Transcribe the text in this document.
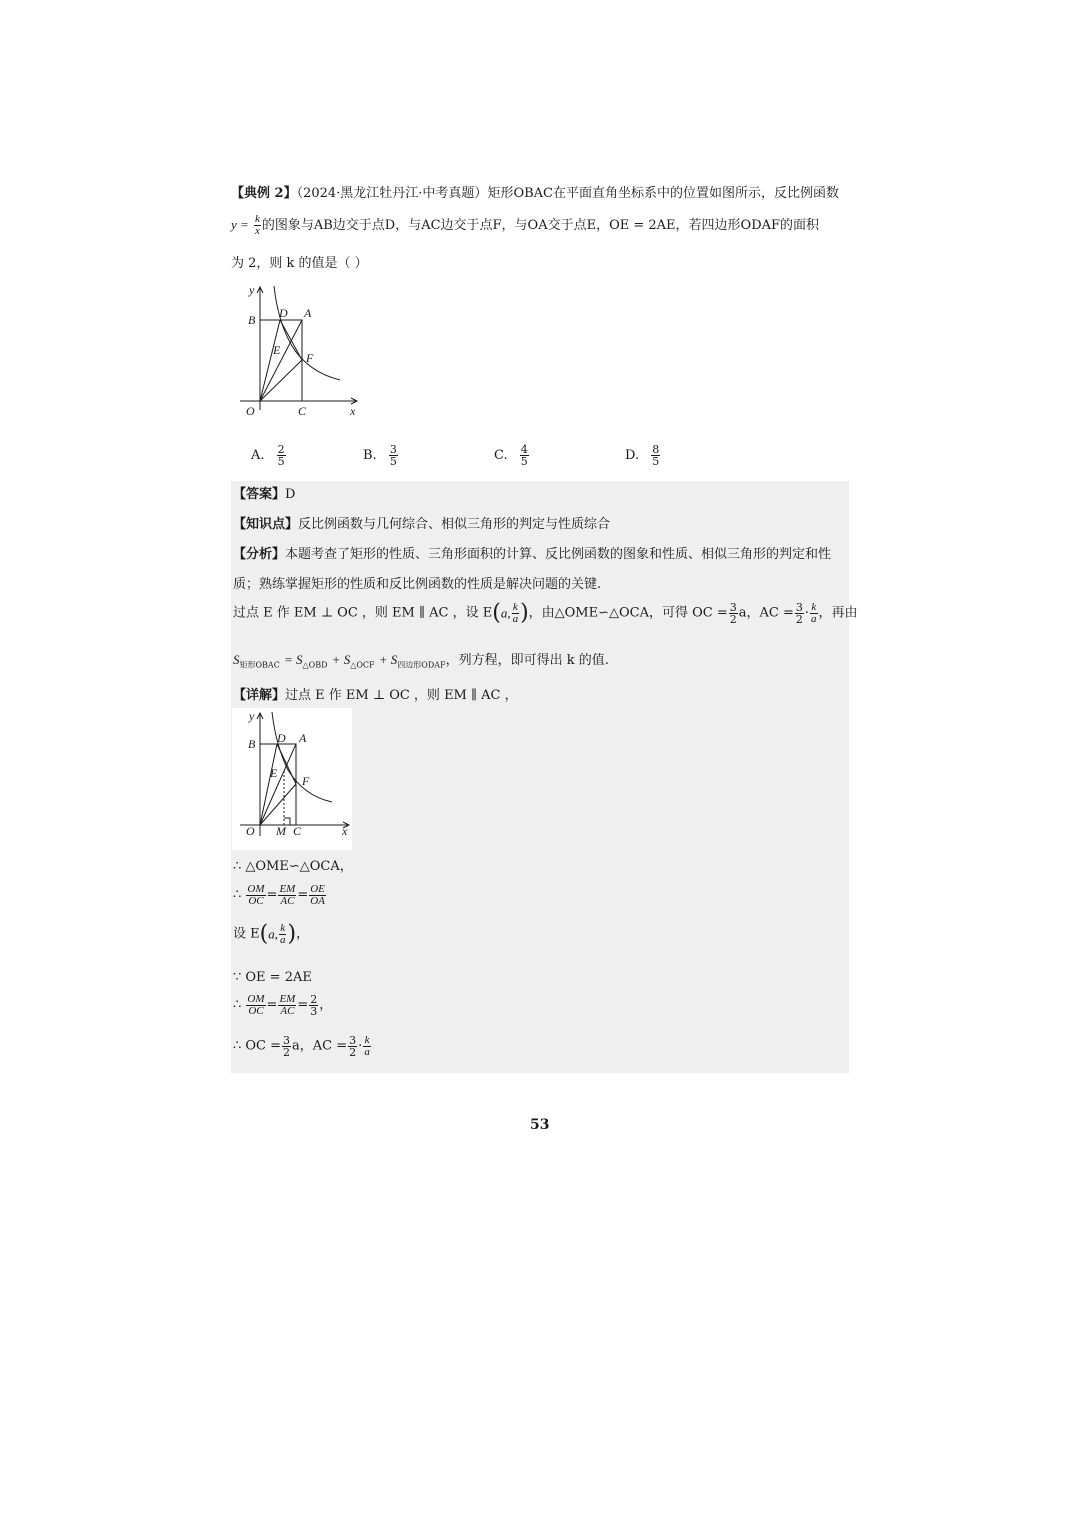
【典例 2】（2024·黑龙江牡丹江·中考真题）矩形OBAC在平面直角坐标系中的位置如图所示，反比例函数
$y = \frac{k}{x}$ 的图象与AB边交于点D，与AC边交于点F，与OA交于点E，OE = 2AE，若四边形ODAF的面积
为 2，则 k 的值是（ ）
y
B D A
E
F
O	C	x
A. $\frac{2}{5}$	B. $\frac{3}{5}$	C. $\frac{4}{5}$	D. $\frac{8}{5}$
【答案】D
【知识点】反比例函数与几何综合、相似三角形的判定与性质综合
【分析】本题考查了矩形的性质、三角形面积的计算、反比例函数的图象和性质、相似三角形的判定和性
质；熟练掌握矩形的性质和反比例函数的性质是解决问题的关键.
过点 E 作 EM ⊥ OC ，则 EM ∥ AC ，设 E(a, $\frac{k}{a}$ )，由△OME∽△OCA，可得 OC = $\frac{3}{2}$ a，AC = $\frac{3}{2} \cdot \frac{k}{a}$ ，再由
$S_{矩形OBAC} = S_{\triangle OBD} + S_{\triangle OCF} + S_{四边形ODAF}$，列方程，即可得出 k 的值.
【详解】过点 E 作 EM ⊥ OC ，则 EM ∥ AC ，
y
B D A
E
F
O M C	x
∴ △OME∽△OCA，
∴ $\frac{OM}{OC} = \frac{EM}{AC} = \frac{OE}{OA}$
设 E(a, $\frac{k}{a}$ )，
∵ OE = 2AE
∴ $\frac{OM}{OC} = \frac{EM}{AC} = \frac{2}{3}$ ，
∴ OC = $\frac{3}{2}$ a，AC = $\frac{3}{2} \cdot \frac{k}{a}$
53
